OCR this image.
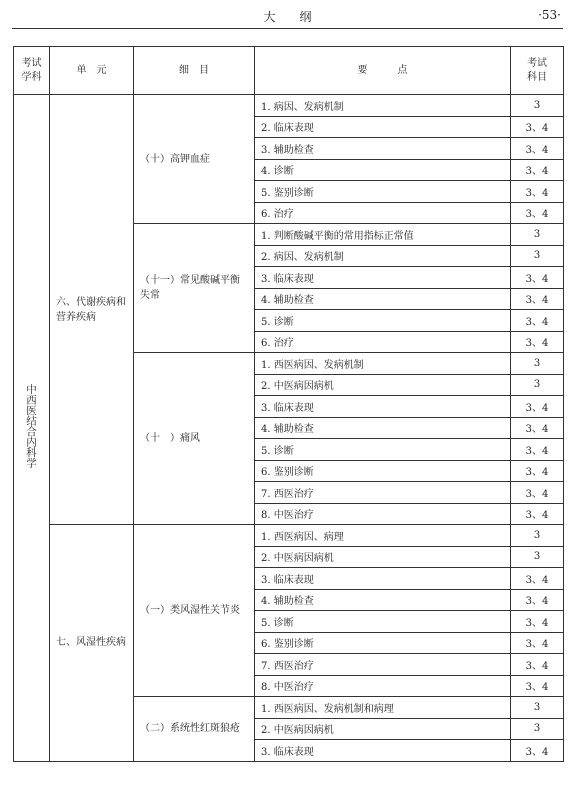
大　　纲	·53·
考试
学科	单　元	细　目	要　　　点	考试
科目
中西医结合内科学	六、代谢疾病和营养疾病	（十）高钾血症	1. 病因、发病机制	3
			2. 临床表现	3、4
			3. 辅助检查	3、4
			4. 诊断	3、4
			5. 鉴别诊断	3、4
			6. 治疗	3、4
		（十一）常见酸碱平衡失常	1. 判断酸碱平衡的常用指标正常值	3
			2. 病因、发病机制	3
			3. 临床表现	3、4
			4. 辅助检查	3、4
			5. 诊断	3、4
			6. 治疗	3、4
		（十　）痛风	1. 西医病因、发病机制	3
			2. 中医病因病机	3
			3. 临床表现	3、4
			4. 辅助检查	3、4
			5. 诊断	3、4
			6. 鉴别诊断	3、4
			7. 西医治疗	3、4
			8. 中医治疗	3、4
	七、风湿性疾病	（一）类风湿性关节炎	1. 西医病因、病理	3
			2. 中医病因病机	3
			3. 临床表现	3、4
			4. 辅助检查	3、4
			5. 诊断	3、4
			6. 鉴别诊断	3、4
			7. 西医治疗	3、4
			8. 中医治疗	3、4
		（二）系统性红斑狼疮	1. 西医病因、发病机制和病理	3
			2. 中医病因病机	3
			3. 临床表现	3、4
